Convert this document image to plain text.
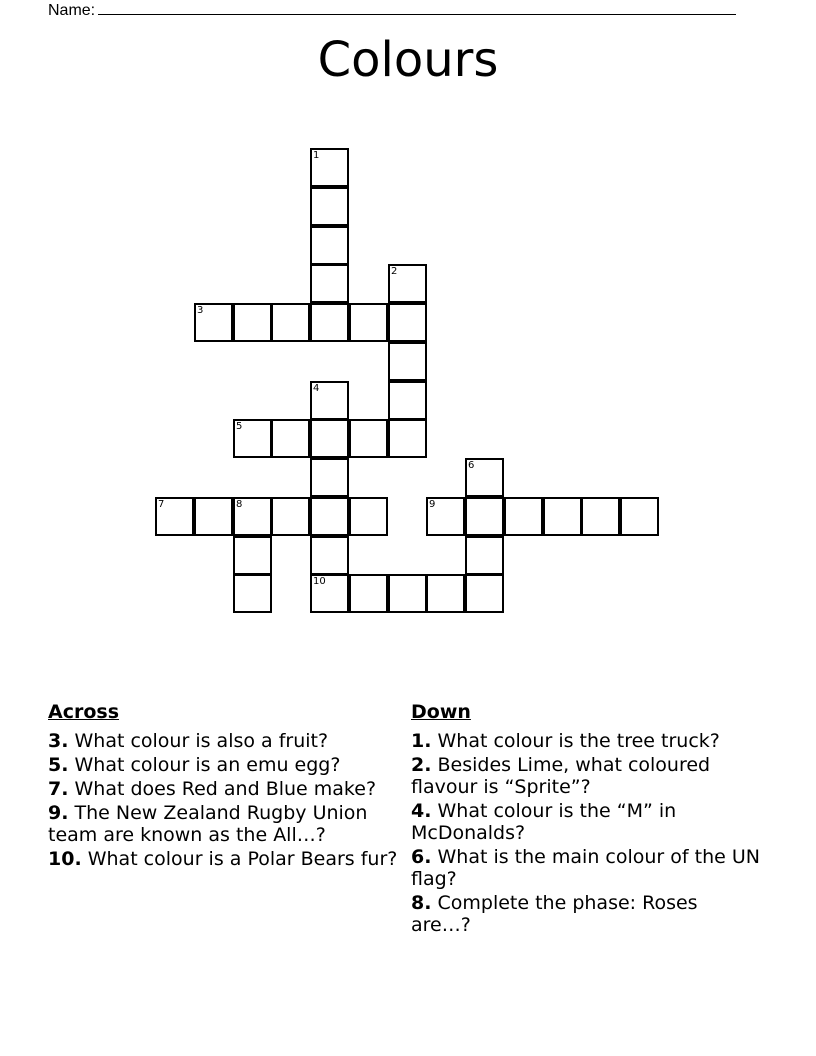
Name:
Colours
1
2
3
4
5
6
7	8	9
10
Across
3. What colour is also a fruit?
5. What colour is an emu egg?
7. What does Red and Blue make?
9. The New Zealand Rugby Union team are known as the All…?
10. What colour is a Polar Bears fur?
Down
1. What colour is the tree truck?
2. Besides Lime, what coloured flavour is “Sprite”?
4. What colour is the “M” in McDonalds?
6. What is the main colour of the UN flag?
8. Complete the phase: Roses are…?
